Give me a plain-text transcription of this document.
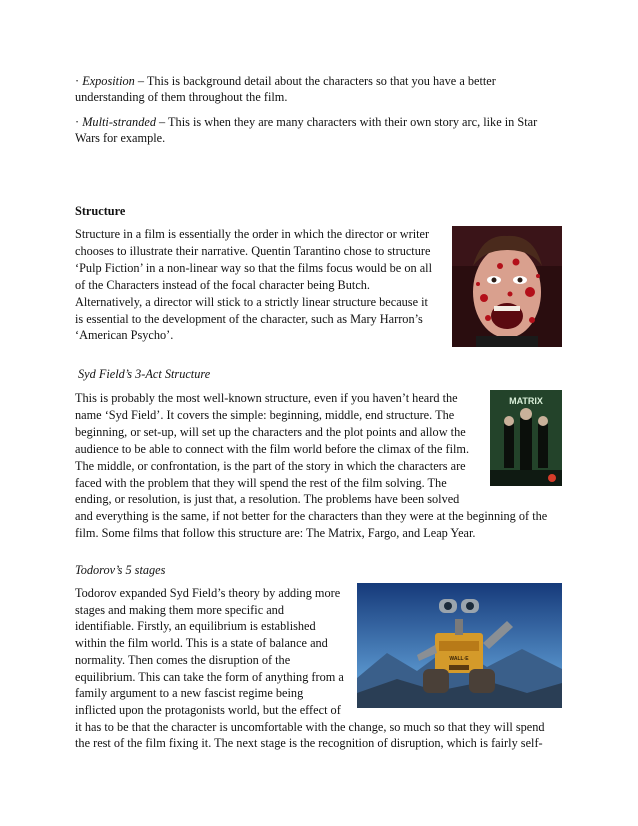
· Exposition – This is background detail about the characters so that you have a better

understanding of them throughout the film.

· Multi-stranded – This is when they are many characters with their own story arc, like in Star

Wars for example.

Structure

Structure in a film is essentially the order in which the director or writer

chooses to illustrate their narrative. Quentin Tarantino chose to structure

‘Pulp Fiction’ in a non-linear way so that the films focus would be on all

of the Characters instead of the focal character being Butch.

Alternatively, a director will stick to a strictly linear structure because it

is essential to the development of the character, such as Mary Harron’s

‘American Psycho’.

Syd Field’s 3-Act Structure

This is probably the most well-known structure, even if you haven’t heard the

name ‘Syd Field’. It covers the simple: beginning, middle, end structure. The

beginning, or set-up, will set up the characters and the plot points and allow the

audience to be able to connect with the film world before the climax of the film.

The middle, or confrontation, is the part of the story in which the characters are

faced with the problem that they will spend the rest of the film solving. The

ending, or resolution, is just that, a resolution. The problems have been solved

and everything is the same, if not better for the characters than they were at the beginning of the

film. Some films that follow this structure are: The Matrix, Fargo, and Leap Year.

MATRIX

Todorov’s 5 stages

Todorov expanded Syd Field’s theory by adding more

stages and making them more specific and

identifiable. Firstly, an equilibrium is established

within the film world. This is a state of balance and

normality. Then comes the disruption of the

equilibrium. This can take the form of anything from a

family argument to a new fascist regime being

inflicted upon the protagonists world, but the effect of

it has to be that the character is uncomfortable with the change, so much so that they will spend

the rest of the film fixing it. The next stage is the recognition of disruption, which is fairly self-

WALL·E
